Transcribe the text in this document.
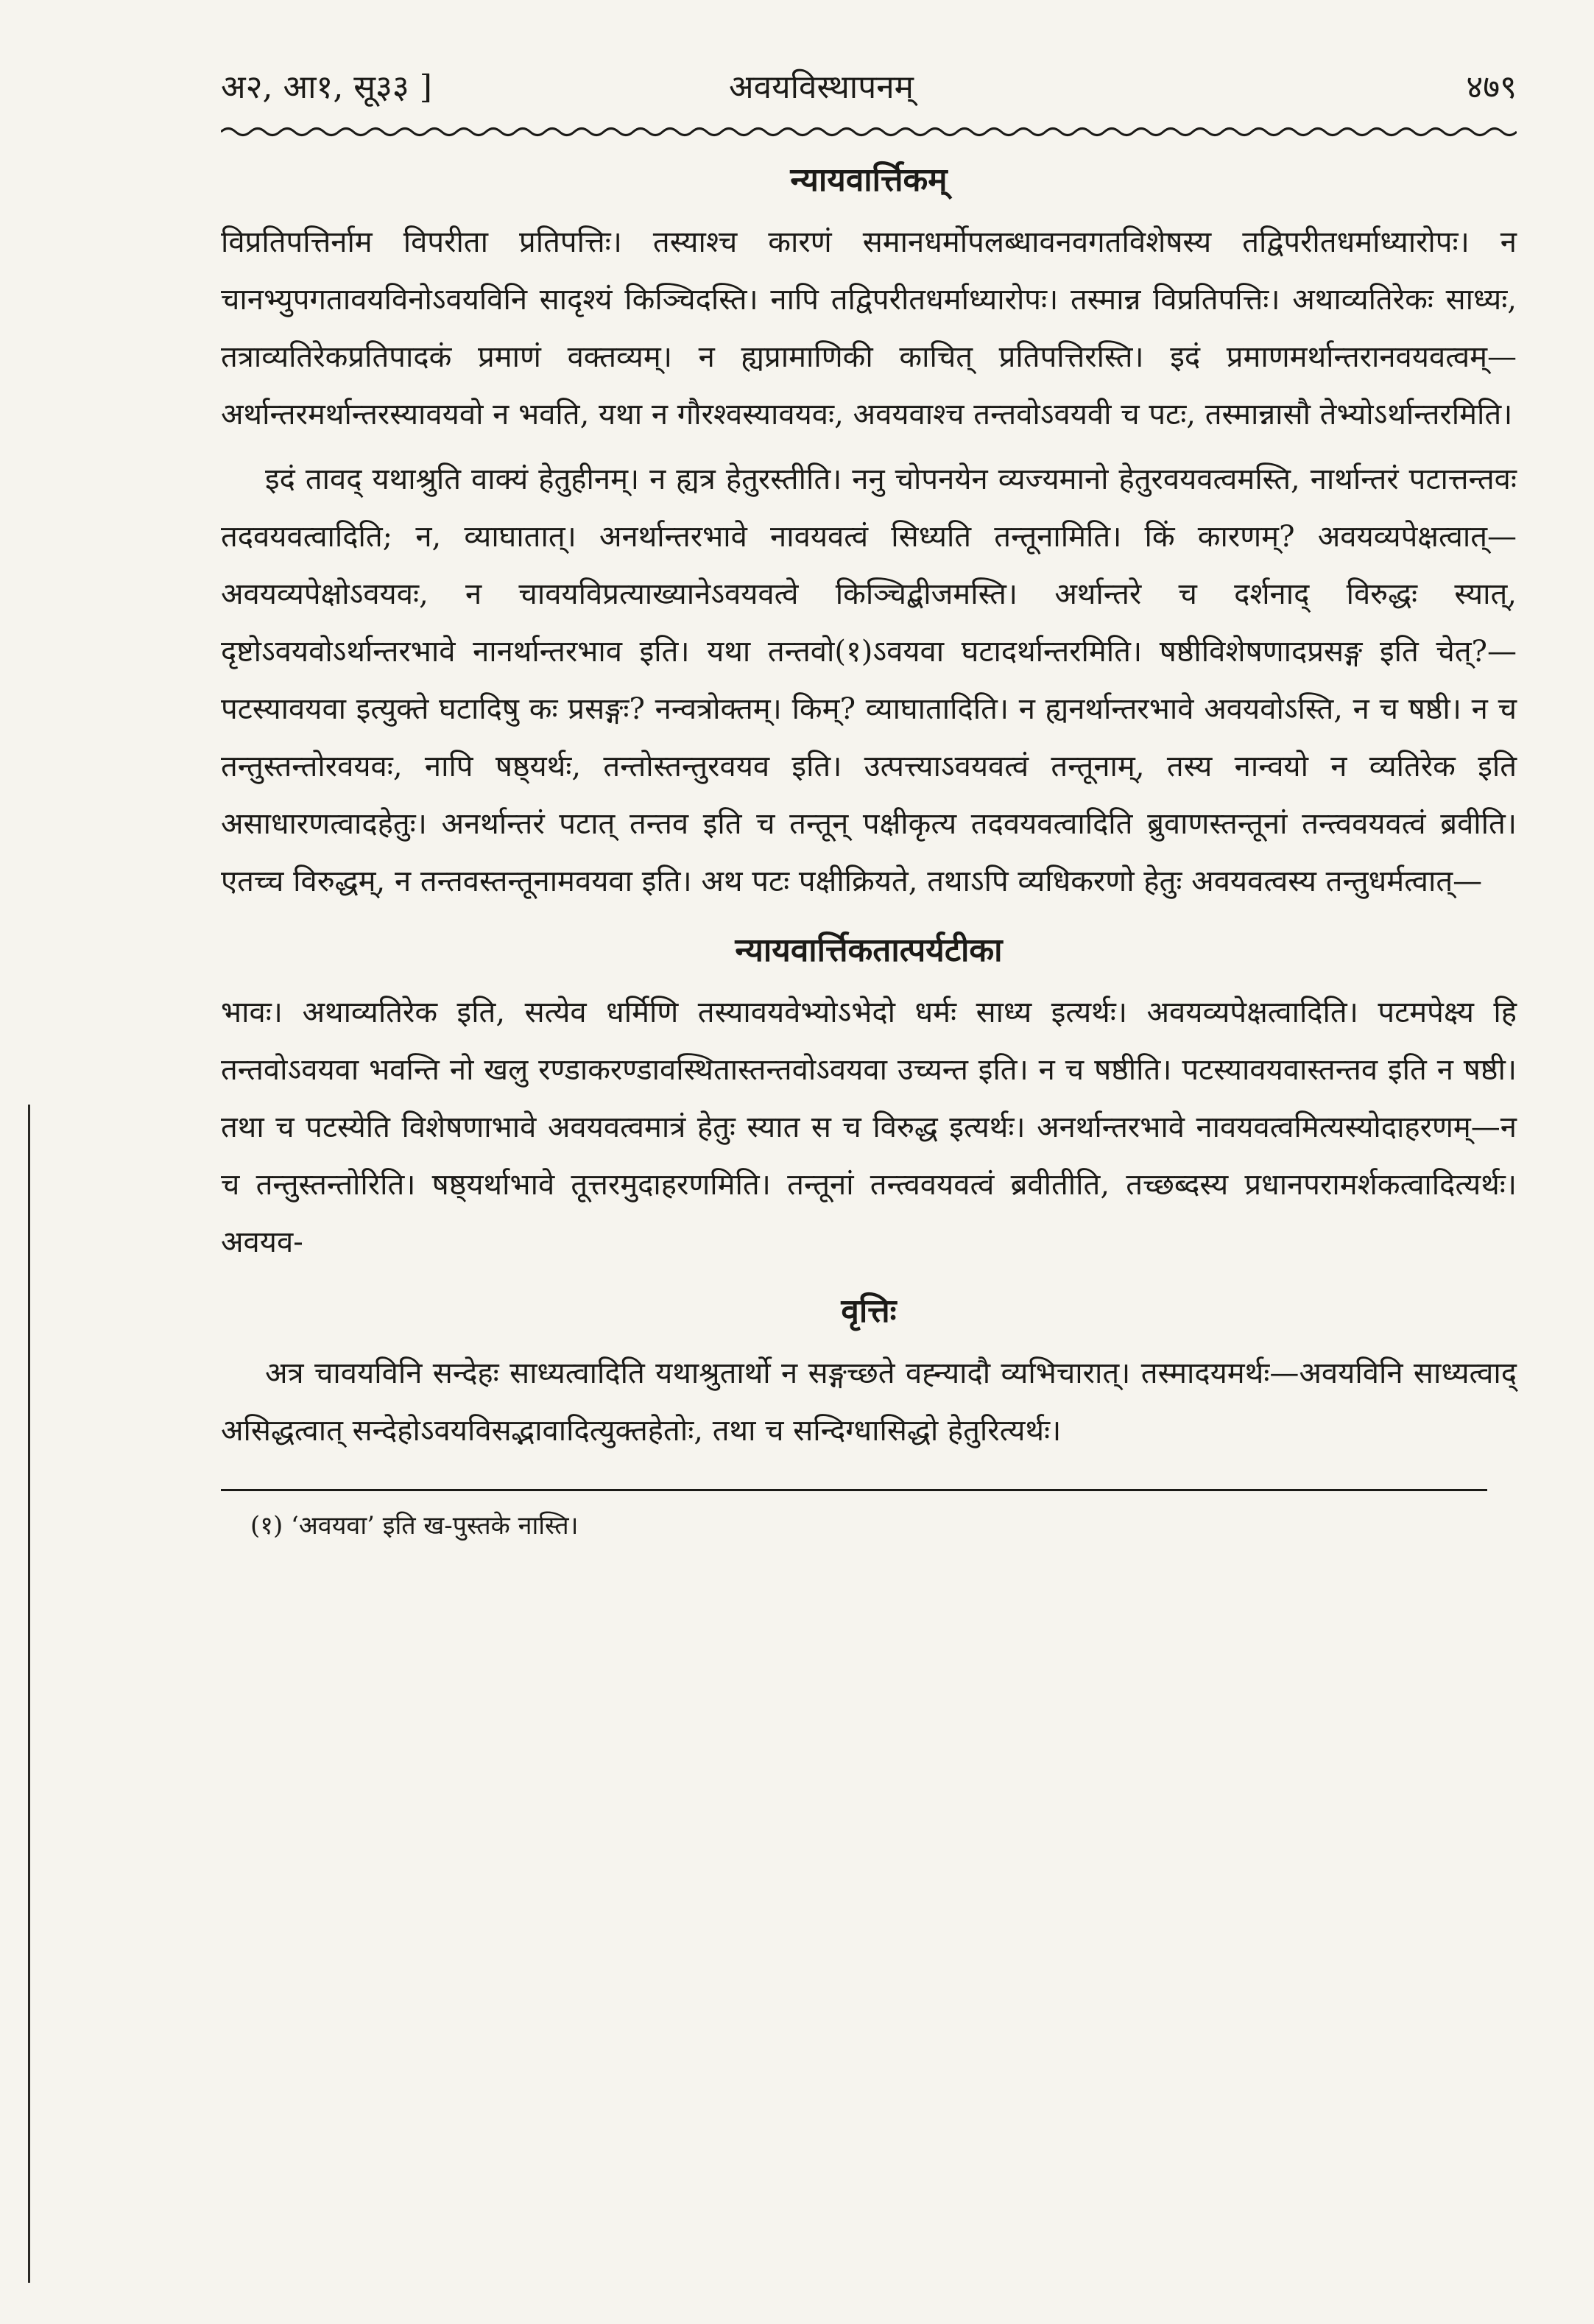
अ२, आ१, सू३३ ]	अवयविस्थापनम्	४७९
न्यायवार्त्तिकम्

विप्रतिपत्तिर्नाम विपरीता प्रतिपत्तिः। तस्याश्च कारणं समानधर्मोपलब्धावनवगतविशेषस्य तद्विपरीतधर्माध्यारोपः। न चानभ्युपगतावयविनोऽवयविनि सादृश्यं किञ्चिदस्ति। नापि तद्विपरीतधर्माध्यारोपः। तस्मान्न विप्रतिपत्तिः। अथाव्यतिरेकः साध्यः, तत्राव्यतिरेकप्रतिपादकं प्रमाणं वक्तव्यम्। न ह्यप्रामाणिकी काचित् प्रतिपत्तिरस्ति। इदं प्रमाणमर्थान्तरानवयवत्वम्—अर्थान्तरमर्थान्तरस्यावयवो न भवति, यथा न गौरश्वस्यावयवः, अवयवाश्च तन्तवोऽवयवी च पटः, तस्मान्नासौ तेभ्योऽर्थान्तरमिति।

इदं तावद् यथाश्रुति वाक्यं हेतुहीनम्। न ह्यत्र हेतुरस्तीति। ननु चोपनयेन व्यज्यमानो हेतुरवयवत्वमस्ति, नार्थान्तरं पटात्तन्तवः तदवयवत्वादिति; न, व्याघातात्। अनर्थान्तरभावे नावयवत्वं सिध्यति तन्तूनामिति। किं कारणम्? अवयव्यपेक्षत्वात्—अवयव्यपेक्षोऽवयवः, न चावयविप्रत्याख्यानेऽवयवत्वे किञ्चिद्बीजमस्ति। अर्थान्तरे च दर्शनाद् विरुद्धः स्यात्, दृष्टोऽवयवोऽर्थान्तरभावे नानर्थान्तरभाव इति। यथा तन्तवो(१)ऽवयवा घटादर्थान्तरमिति। षष्ठीविशेषणादप्रसङ्ग इति चेत्?—पटस्यावयवा इत्युक्ते घटादिषु कः प्रसङ्गः? नन्वत्रोक्तम्। किम्? व्याघातादिति। न ह्यनर्थान्तरभावे अवयवोऽस्ति, न च षष्ठी। न च तन्तुस्तन्तोरवयवः, नापि षष्ठ्यर्थः, तन्तोस्तन्तुरवयव इति। उत्पत्त्याऽवयवत्वं तन्तूनाम्, तस्य नान्वयो न व्यतिरेक इति असाधारणत्वादहेतुः। अनर्थान्तरं पटात् तन्तव इति च तन्तून् पक्षीकृत्य तदवयवत्वादिति ब्रुवाणस्तन्तूनां तन्त्ववयवत्वं ब्रवीति। एतच्च विरुद्धम्, न तन्तवस्तन्तूनामवयवा इति। अथ पटः पक्षीक्रियते, तथाऽपि व्यधिकरणो हेतुः अवयवत्वस्य तन्तुधर्मत्वात्—

न्यायवार्त्तिकतात्पर्यटीका

भावः। अथाव्यतिरेक इति, सत्येव धर्मिणि तस्यावयवेभ्योऽभेदो धर्मः साध्य इत्यर्थः। अवयव्यपेक्षत्वादिति। पटमपेक्ष्य हि तन्तवोऽवयवा भवन्ति नो खलु रण्डाकरण्डावस्थितास्तन्तवोऽवयवा उच्यन्त इति। न च षष्ठीति। पटस्यावयवास्तन्तव इति न षष्ठी। तथा च पटस्येति विशेषणाभावे अवयवत्वमात्रं हेतुः स्यात स च विरुद्ध इत्यर्थः। अनर्थान्तरभावे नावयवत्वमित्यस्योदाहरणम्—न च तन्तुस्तन्तोरिति। षष्ठ्यर्थाभावे तूत्तरमुदाहरणमिति। तन्तूनां तन्त्ववयवत्वं ब्रवीतीति, तच्छब्दस्य प्रधानपरामर्शकत्वादित्यर्थः। अवयव-

वृत्तिः

अत्र चावयविनि सन्देहः साध्यत्वादिति यथाश्रुतार्थो न सङ्गच्छते वह्न्यादौ व्यभिचारात्। तस्मादयमर्थः—अवयविनि साध्यत्वाद् असिद्धत्वात् सन्देहोऽवयविसद्भावादित्युक्तहेतोः, तथा च सन्दिग्धासिद्धो हेतुरित्यर्थः।

(१) ‘अवयवा’ इति ख-पुस्तके नास्ति।
